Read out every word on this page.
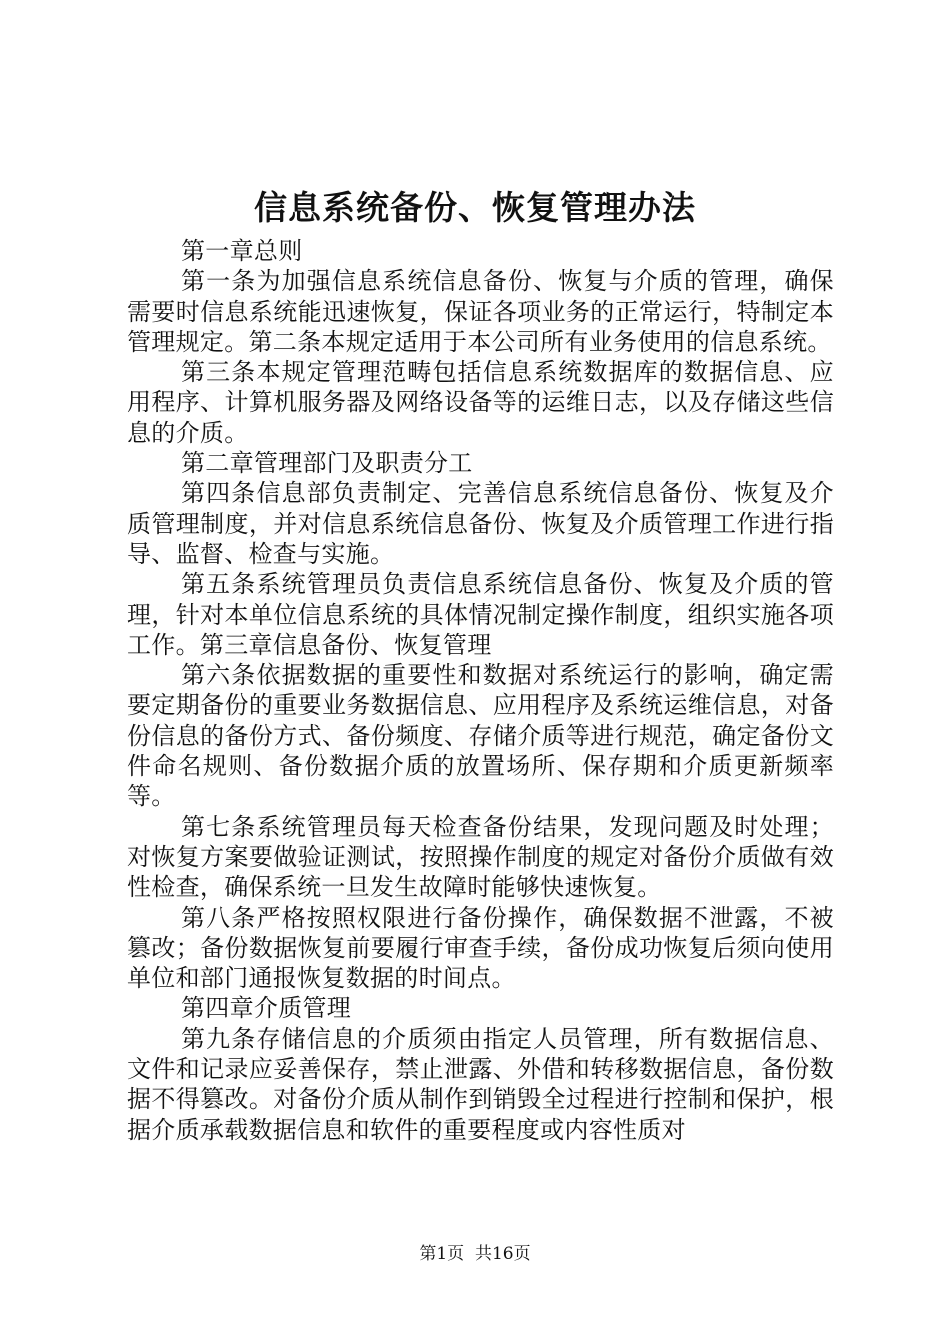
信息系统备份、恢复管理办法

第一章总则

第一条为加强信息系统信息备份、恢复与介质的管理，确保需要时信息系统能迅速恢复，保证各项业务的正常运行，特制定本管理规定。第二条本规定适用于本公司所有业务使用的信息系统。

第三条本规定管理范畴包括信息系统数据库的数据信息、应用程序、计算机服务器及网络设备等的运维日志，以及存储这些信息的介质。

第二章管理部门及职责分工

第四条信息部负责制定、完善信息系统信息备份、恢复及介质管理制度，并对信息系统信息备份、恢复及介质管理工作进行指导、监督、检查与实施。

第五条系统管理员负责信息系统信息备份、恢复及介质的管理，针对本单位信息系统的具体情况制定操作制度，组织实施各项工作。第三章信息备份、恢复管理

第六条依据数据的重要性和数据对系统运行的影响，确定需要定期备份的重要业务数据信息、应用程序及系统运维信息，对备份信息的备份方式、备份频度、存储介质等进行规范，确定备份文件命名规则、备份数据介质的放置场所、保存期和介质更新频率等。

第七条系统管理员每天检查备份结果，发现问题及时处理；对恢复方案要做验证测试，按照操作制度的规定对备份介质做有效性检查，确保系统一旦发生故障时能够快速恢复。

第八条严格按照权限进行备份操作，确保数据不泄露，不被篡改；备份数据恢复前要履行审查手续，备份成功恢复后须向使用单位和部门通报恢复数据的时间点。

第四章介质管理

第九条存储信息的介质须由指定人员管理，所有数据信息、文件和记录应妥善保存，禁止泄露、外借和转移数据信息，备份数据不得篡改。对备份介质从制作到销毁全过程进行控制和保护，根据介质承载数据信息和软件的重要程度或内容性质对

第1页  共16页
